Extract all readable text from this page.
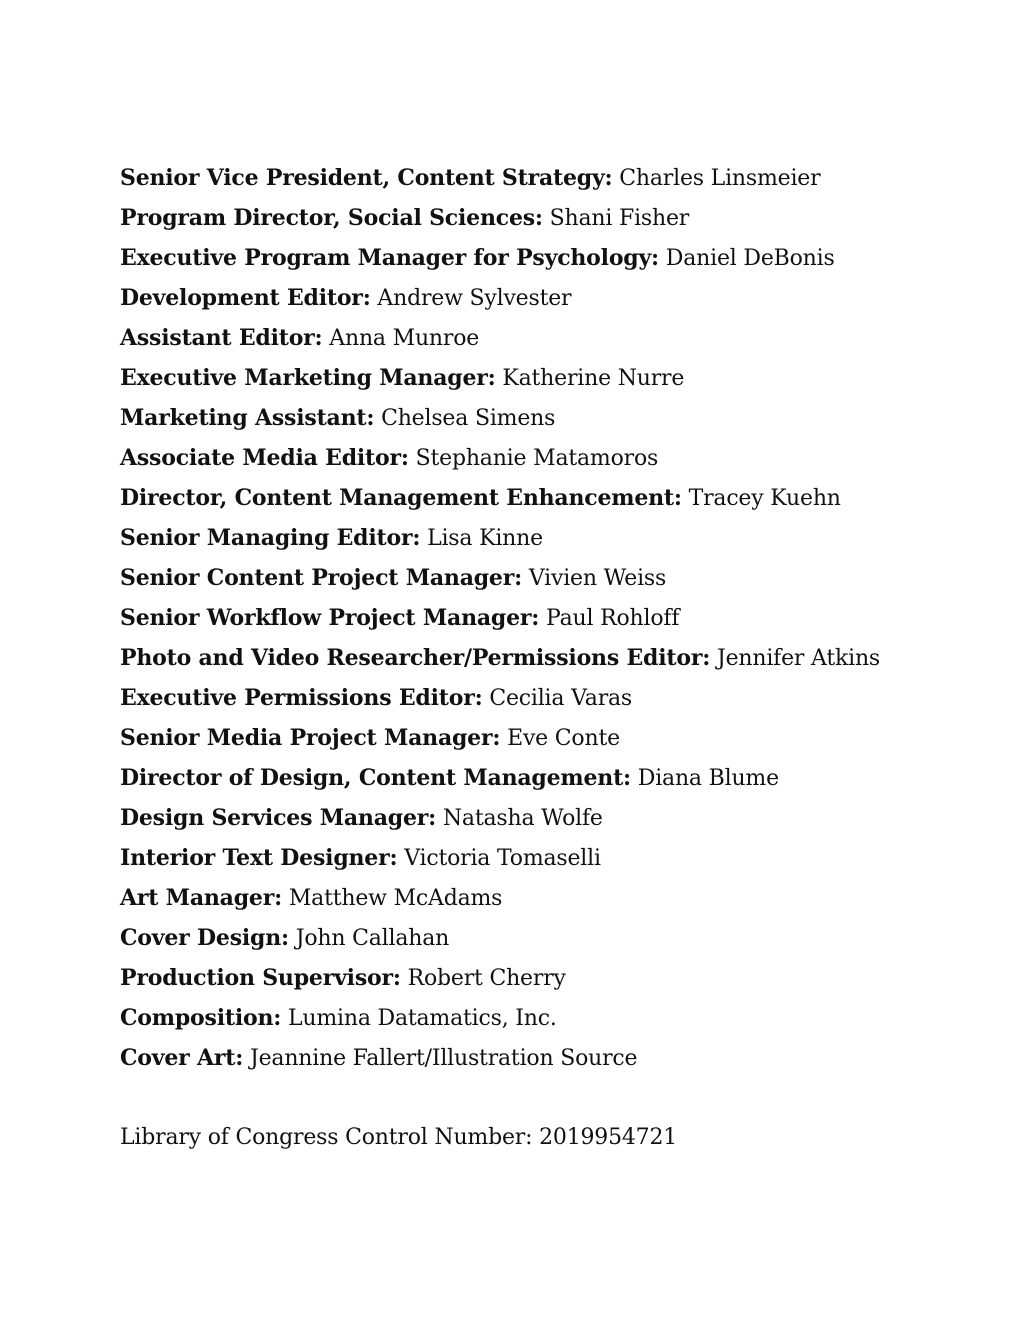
Senior Vice President, Content Strategy: Charles Linsmeier
Program Director, Social Sciences: Shani Fisher
Executive Program Manager for Psychology: Daniel DeBonis
Development Editor: Andrew Sylvester
Assistant Editor: Anna Munroe
Executive Marketing Manager: Katherine Nurre
Marketing Assistant: Chelsea Simens
Associate Media Editor: Stephanie Matamoros
Director, Content Management Enhancement: Tracey Kuehn
Senior Managing Editor: Lisa Kinne
Senior Content Project Manager: Vivien Weiss
Senior Workflow Project Manager: Paul Rohloff
Photo and Video Researcher/Permissions Editor: Jennifer Atkins
Executive Permissions Editor: Cecilia Varas
Senior Media Project Manager: Eve Conte
Director of Design, Content Management: Diana Blume
Design Services Manager: Natasha Wolfe
Interior Text Designer: Victoria Tomaselli
Art Manager: Matthew McAdams
Cover Design: John Callahan
Production Supervisor: Robert Cherry
Composition: Lumina Datamatics, Inc.
Cover Art: Jeannine Fallert/Illustration Source
Library of Congress Control Number: 2019954721
